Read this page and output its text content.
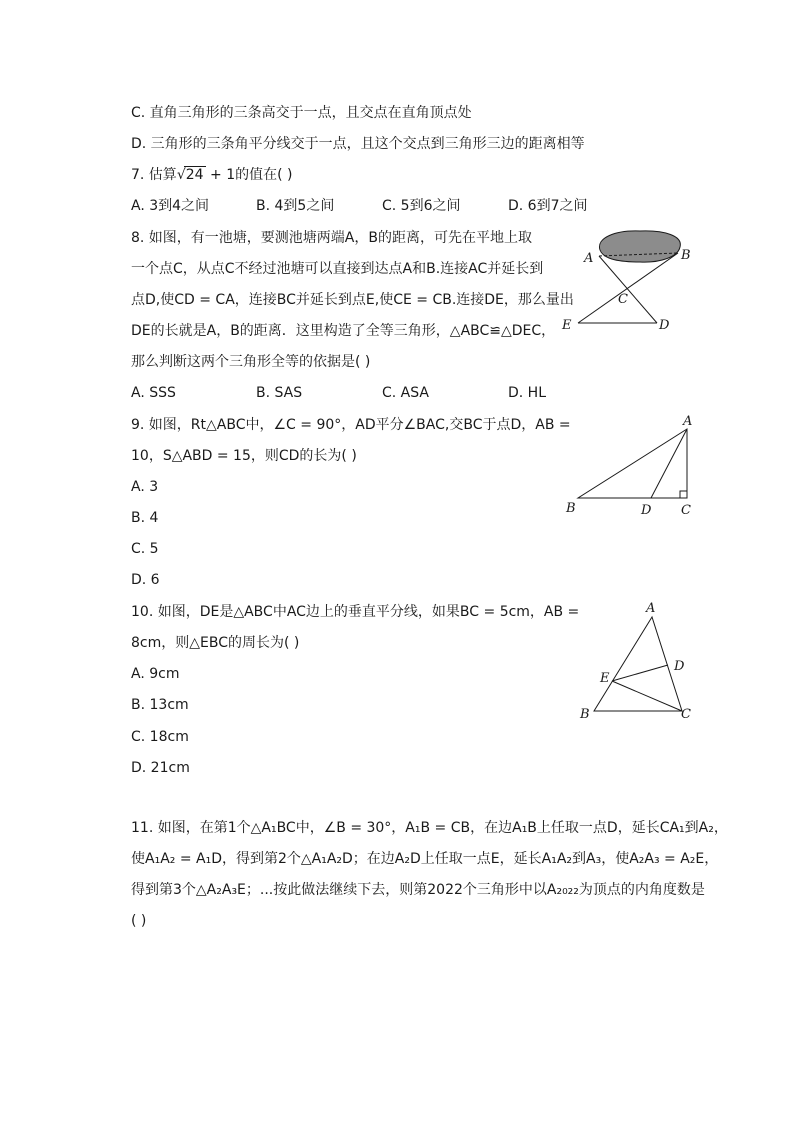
C. 直角三角形的三条高交于一点，且交点在直角顶点处
D. 三角形的三条角平分线交于一点，且这个交点到三角形三边的距离相等
7. 估算√24 + 1的值在( )
A. 3到4之间	B. 4到5之间	C. 5到6之间	D. 6到7之间
8. 如图，有一池塘，要测池塘两端A，B的距离，可先在平地上取
一个点C，从点C不经过池塘可以直接到达点A和B.连接AC并延长到
点D,使CD = CA，连接BC并延长到点E,使CE = CB.连接DE，那么量出
DE的长就是A，B的距离．这里构造了全等三角形，△ABC≌△DEC，
那么判断这两个三角形全等的依据是( )
A. SSS	B. SAS	C. ASA	D. HL
A	B
C
D
E
9. 如图，Rt△ABC中，∠C = 90°，AD平分∠BAC,交BC于点D，AB =
10，S△ABD = 15，则CD的长为( )
A. 3
B. 4
C. 5
D. 6
A
B	D C
10. 如图，DE是△ABC中AC边上的垂直平分线，如果BC = 5cm，AB =
8cm，则△EBC的周长为( )
A. 9cm
B. 13cm
C. 18cm
D. 21cm
A
D
E
B	C
11. 如图，在第1个△A₁BC中，∠B = 30°，A₁B = CB，在边A₁B上任取一点D，延长CA₁到A₂，
使A₁A₂ = A₁D，得到第2个△A₁A₂D；在边A₂D上任取一点E，延长A₁A₂到A₃，使A₂A₃ = A₂E，
得到第3个△A₂A₃E；...按此做法继续下去，则第2022个三角形中以A₂₀₂₂为顶点的内角度数是
( )
